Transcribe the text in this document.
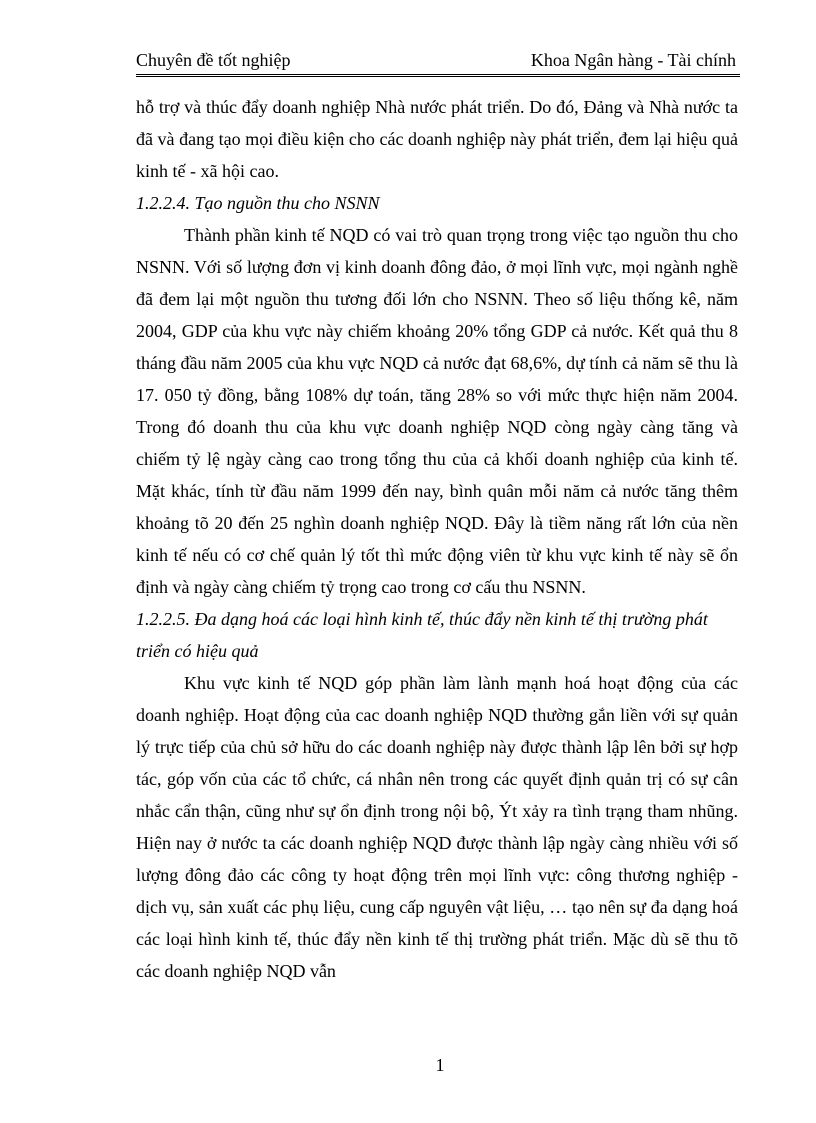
Chuyên đề tốt nghiệp	Khoa Ngân hàng - Tài chính

hỗ trợ và thúc đẩy doanh nghiệp Nhà nước phát triển. Do đó, Đảng và Nhà nước ta đã và đang tạo mọi điều kiện cho các doanh nghiệp này phát triển, đem lại hiệu quả kinh tế - xã hội cao.

1.2.2.4. Tạo nguồn thu cho NSNN

Thành phần kinh tế NQD có vai trò quan trọng trong việc tạo nguồn thu cho NSNN. Với số lượng đơn vị kinh doanh đông đảo, ở mọi lĩnh vực, mọi ngành nghề đã đem lại một nguồn thu tương đối lớn cho NSNN. Theo số liệu thống kê, năm 2004, GDP của khu vực này chiếm khoảng 20% tổng GDP cả nước. Kết quả thu 8 tháng đầu năm 2005 của khu vực NQD cả nước đạt 68,6%, dự tính cả năm sẽ thu là 17. 050 tỷ đồng, bằng 108% dự toán, tăng 28% so với mức thực hiện năm 2004. Trong đó doanh thu của khu vực doanh nghiệp NQD còng ngày càng tăng và chiếm tỷ lệ ngày càng cao trong tổng thu của cả khối doanh nghiệp của kinh tế. Mặt khác, tính từ đầu năm 1999 đến nay, bình quân mỗi năm cả nước tăng thêm khoảng tõ 20 đến 25 nghìn doanh nghiệp NQD. Đây là tiềm năng rất lớn của nền kinh tế nếu có cơ chế quản lý tốt thì mức động viên từ khu vực kinh tế này sẽ ổn định và ngày càng chiếm tỷ trọng cao trong cơ cấu thu NSNN.

1.2.2.5. Đa dạng hoá các loại hình kinh tế, thúc đẩy nền kinh tế thị trường phát triển có hiệu quả

Khu vực kinh tế NQD góp phần làm lành mạnh hoá hoạt động của các doanh nghiệp. Hoạt động của cac doanh nghiệp NQD thường gắn liền với sự quản lý trực tiếp của chủ sở hữu do các doanh nghiệp này được thành lập lên bởi sự hợp tác, góp vốn của các tổ chức, cá nhân nên trong các quyết định quản trị có sự cân nhắc cẩn thận, cũng như sự ổn định trong nội bộ, Ýt xảy ra tình trạng tham nhũng. Hiện nay ở nước ta các doanh nghiệp NQD được thành lập ngày càng nhiều với số lượng đông đảo các công ty hoạt động trên mọi lĩnh vực: công thương nghiệp - dịch vụ, sản xuất các phụ liệu, cung cấp nguyên vật liệu, … tạo nên sự đa dạng hoá các loại hình kinh tế, thúc đẩy nền kinh tế thị trường phát triển. Mặc dù sẽ thu tõ các doanh nghiệp NQD vẫn

1
